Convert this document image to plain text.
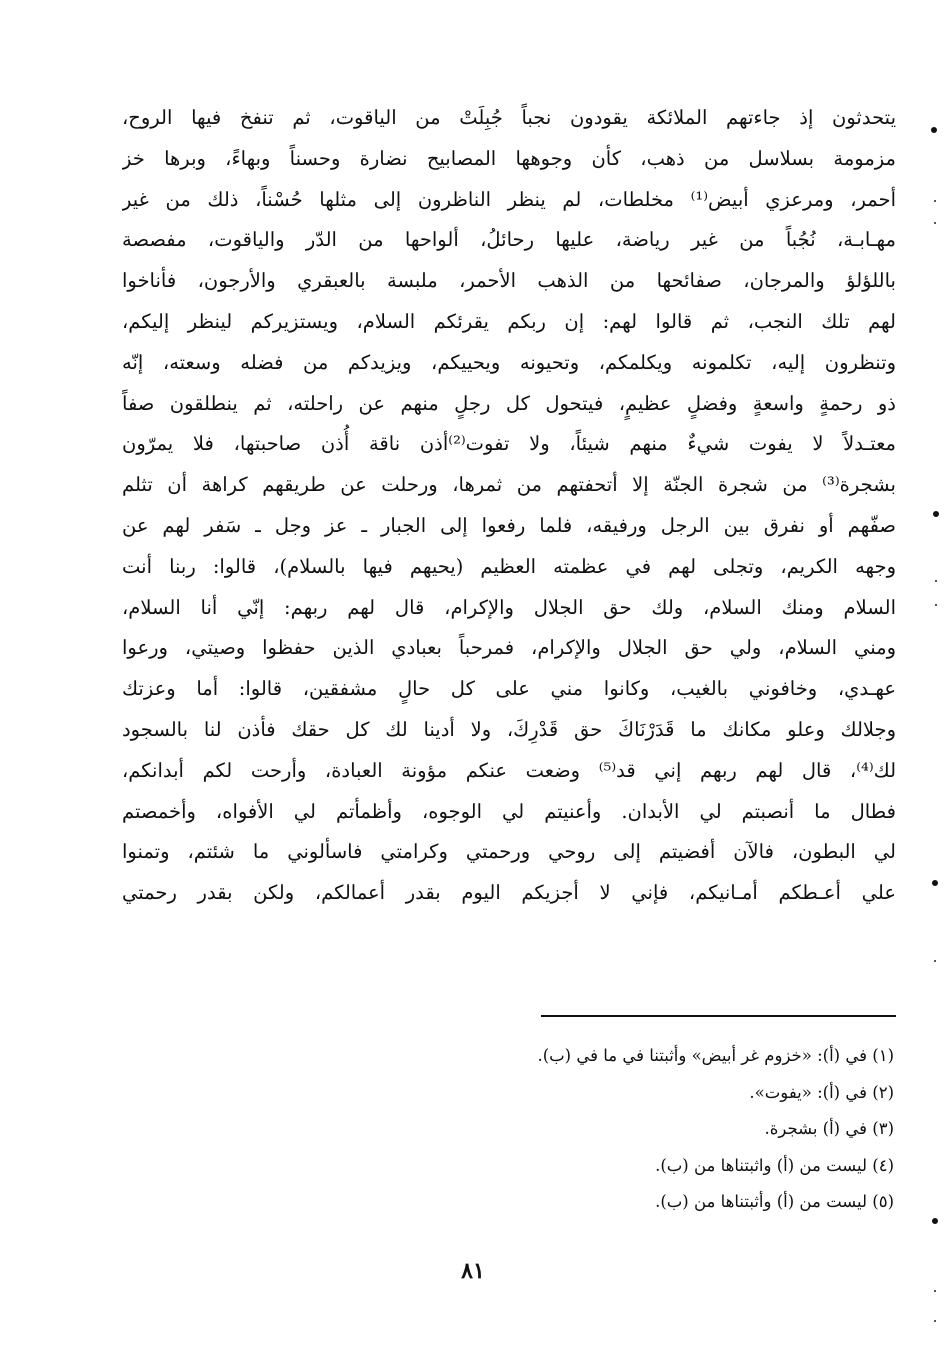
يتحدثون إذ جاءتهم الملائكة يقودون نجباً جُبِلَتْ من الياقوت، ثم تنفخ فيها الروح،
مزمومة بسلاسل من ذهب، كأن وجوهها المصابيح نضارة وحسناً وبهاءً، وبرها خز
أحمر، ومرعزي أبيض⁽¹⁾ مخلطات، لم ينظر الناظرون إلى مثلها حُسْناً، ذلك من غير
مهـابـة، نُجُباً من غير رياضة، عليها رحائلُ، ألواحها من الدّر والياقوت، مفصصة
باللؤلؤ والمرجان، صفائحها من الذهب الأحمر، ملبسة بالعبقري والأرجون، فأناخوا
لهم تلك النجب، ثم قالوا لهم: إن ربكم يقرئكم السلام، ويستزيركم لينظر إليكم،
وتنظرون إليه، تكلمونه ويكلمكم، وتحيونه ويحييكم، ويزيدكم من فضله وسعته، إنّه
ذو رحمةٍ واسعةٍ وفضلٍ عظيمٍ، فيتحول كل رجلٍ منهم عن راحلته، ثم ينطلقون صفاً
معتـدلاً لا يفوت شيءٌ منهم شيئاً، ولا تفوت⁽²⁾أذن ناقة أُذن صاحبتها، فلا يمرّون
بشجرة⁽³⁾ من شجرة الجنّة إلا أتحفتهم من ثمرها، ورحلت عن طريقهم كراهة أن تثلم
صفّهم أو نفرق بين الرجل ورفيقه، فلما رفعوا إلى الجبار ـ عز وجل ـ سَفر لهم عن
وجهه الكريم، وتجلى لهم في عظمته العظيم (يحيهم فيها بالسلام)، قالوا: ربنا أنت
السلام ومنك السلام، ولك حق الجلال والإكرام، قال لهم ربهم: إنّي أنا السلام،
ومني السلام، ولي حق الجلال والإكرام، فمرحباً بعبادي الذين حفظوا وصيتي، ورعوا
عهـدي، وخافوني بالغيب، وكانوا مني على كل حالٍ مشفقين، قالوا: أما وعزتك
وجلالك وعلو مكانك ما قَدَرْنَاكَ حق قَدْرِكَ، ولا أدينا لك كل حقك فأذن لنا بالسجود
لك⁽⁴⁾، قال لهم ربهم إني قد⁽⁵⁾ وضعت عنكم مؤونة العبادة، وأرحت لكم أبدانكم،
فطال ما أنصبتم لي الأبدان. وأعنيتم لي الوجوه، وأظمأتم لي الأفواه، وأخمصتم
لي البطون، فالآن أفضيتم إلى روحي ورحمتي وكرامتي فاسألوني ما شئتم، وتمنوا
علي أعـطكم أمـانيكم، فإني لا أجزيكم اليوم بقدر أعمالكم، ولكن بقدر رحمتي
(١) في (أ): «خزوم غر أبيض» وأثبتنا في ما في (ب).
(٢) في (أ): «يفوت».
(٣) في (أ) بشجرة.
(٤) ليست من (أ) واثبتناها من (ب).
(٥) ليست من (أ) وأثبتناها من (ب).
٨١
